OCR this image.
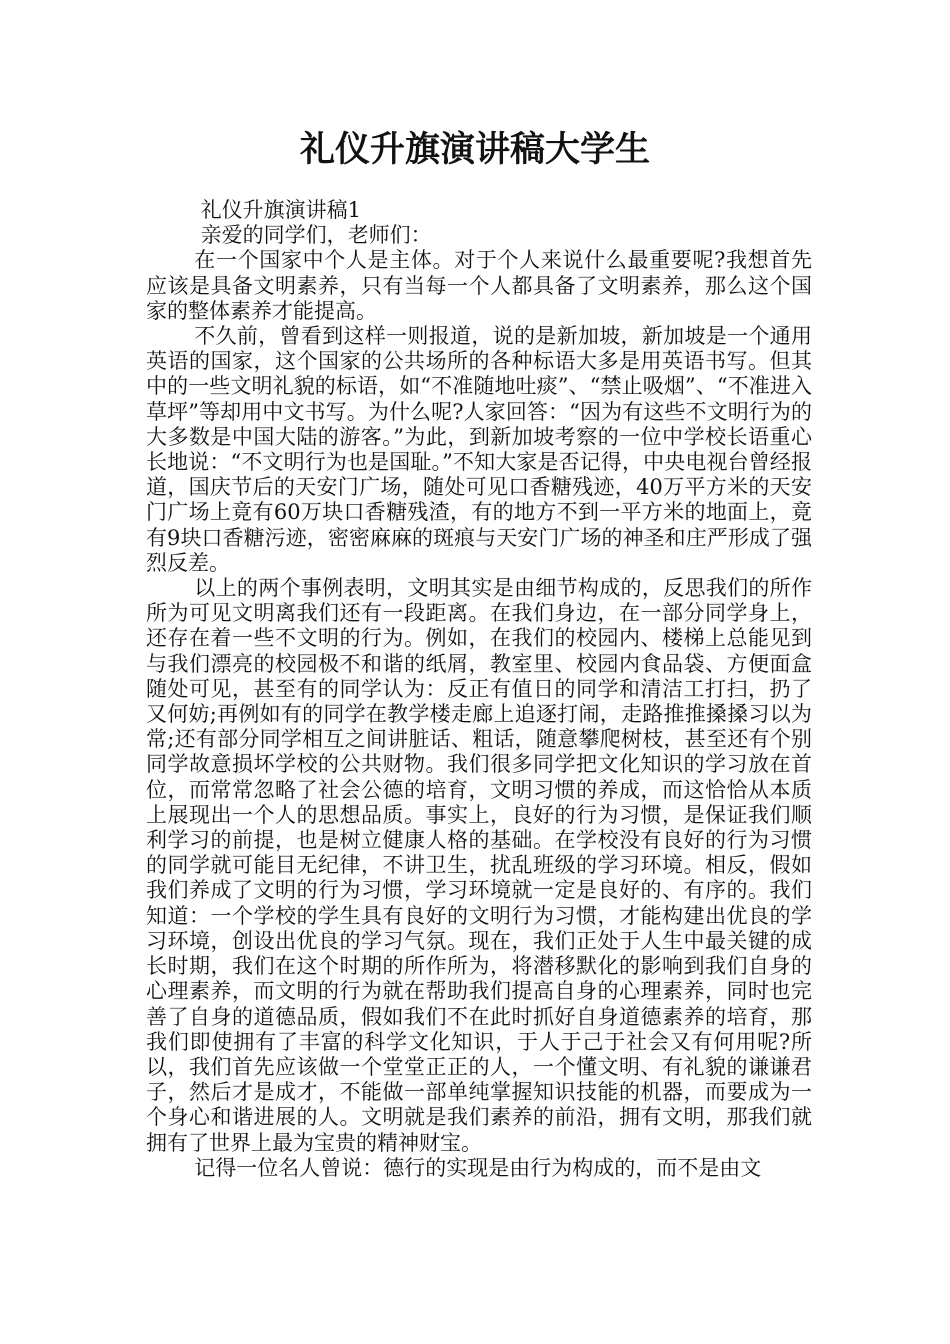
礼仪升旗演讲稿大学生

礼仪升旗演讲稿1

亲爱的同学们，老师们：

在一个国家中个人是主体。对于个人来说什么最重要呢?我想首先应该是具备文明素养，只有当每一个人都具备了文明素养，那么这个国家的整体素养才能提高。

不久前，曾看到这样一则报道，说的是新加坡，新加坡是一个通用英语的国家，这个国家的公共场所的各种标语大多是用英语书写。但其中的一些文明礼貌的标语，如“不准随地吐痰”、“禁止吸烟”、“不准进入草坪”等却用中文书写。为什么呢?人家回答：“因为有这些不文明行为的大多数是中国大陆的游客。”为此，到新加坡考察的一位中学校长语重心长地说：“不文明行为也是国耻。”不知大家是否记得，中央电视台曾经报道，国庆节后的天安门广场，随处可见口香糖残迹，40万平方米的天安门广场上竟有60万块口香糖残渣，有的地方不到一平方米的地面上，竟有9块口香糖污迹，密密麻麻的斑痕与天安门广场的神圣和庄严形成了强烈反差。

以上的两个事例表明，文明其实是由细节构成的，反思我们的所作所为可见文明离我们还有一段距离。在我们身边，在一部分同学身上，还存在着一些不文明的行为。例如，在我们的校园内、楼梯上总能见到与我们漂亮的校园极不和谐的纸屑，教室里、校园内食品袋、方便面盒随处可见，甚至有的同学认为：反正有值日的同学和清洁工打扫，扔了又何妨;再例如有的同学在教学楼走廊上追逐打闹，走路推推搡搡习以为常;还有部分同学相互之间讲脏话、粗话，随意攀爬树枝，甚至还有个别同学故意损坏学校的公共财物。我们很多同学把文化知识的学习放在首位，而常常忽略了社会公德的培育，文明习惯的养成，而这恰恰从本质上展现出一个人的思想品质。事实上，良好的行为习惯，是保证我们顺利学习的前提，也是树立健康人格的基础。在学校没有良好的行为习惯的同学就可能目无纪律，不讲卫生，扰乱班级的学习环境。相反，假如我们养成了文明的行为习惯，学习环境就一定是良好的、有序的。我们知道：一个学校的学生具有良好的文明行为习惯，才能构建出优良的学习环境，创设出优良的学习气氛。现在，我们正处于人生中最关键的成长时期，我们在这个时期的所作所为，将潜移默化的影响到我们自身的心理素养，而文明的行为就在帮助我们提高自身的心理素养，同时也完善了自身的道德品质，假如我们不在此时抓好自身道德素养的培育，那我们即使拥有了丰富的科学文化知识，于人于己于社会又有何用呢?所以，我们首先应该做一个堂堂正正的人，一个懂文明、有礼貌的谦谦君子，然后才是成才，不能做一部单纯掌握知识技能的机器，而要成为一个身心和谐进展的人。文明就是我们素养的前沿，拥有文明，那我们就拥有了世界上最为宝贵的精神财宝。

记得一位名人曾说：德行的实现是由行为构成的，而不是由文
